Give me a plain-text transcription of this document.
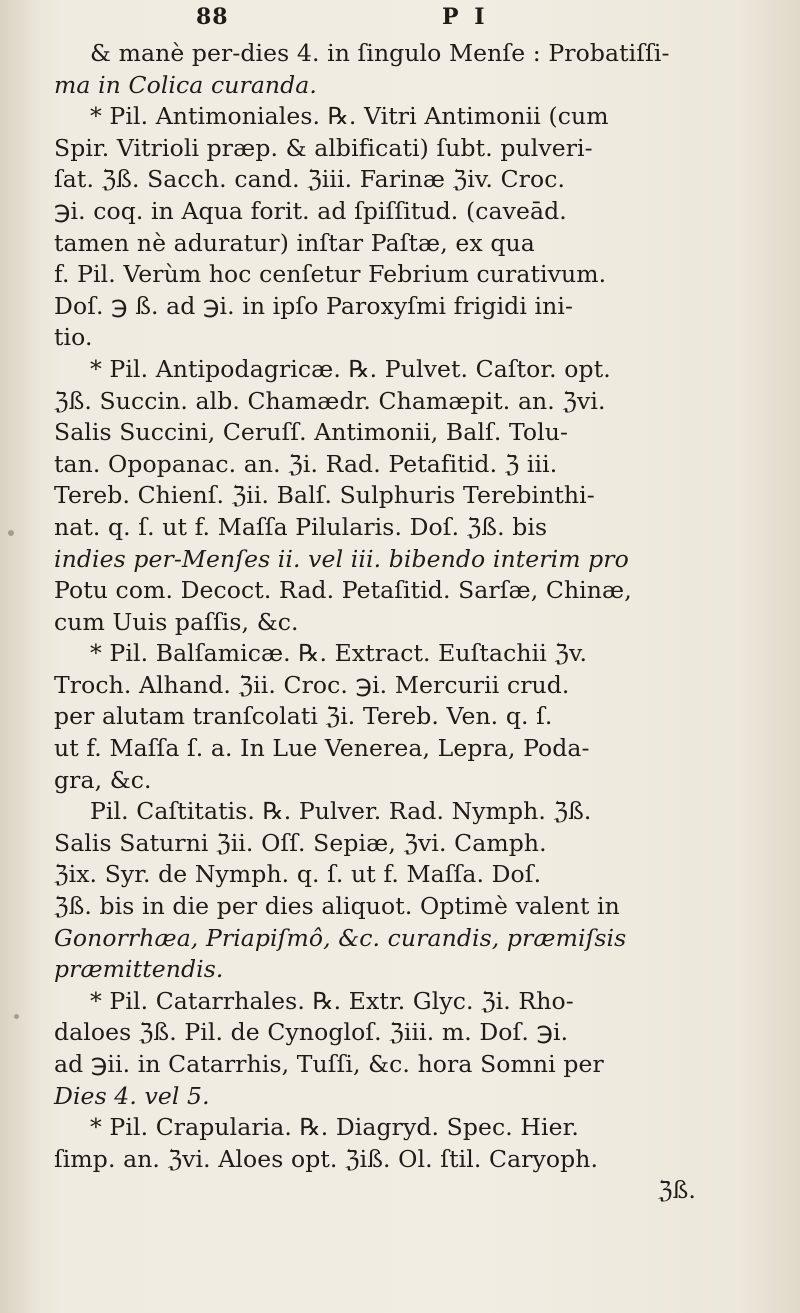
88	P I
& manè per-dies 4. in ſingulo Menſe : Probatiſſi-
ma in Colica curanda.
* Pil. Antimoniales. ℞. Vitri Antimonii (cum
Spir. Vitrioli præp. & albificati) ſubt. pulveri-
ſat. ℨß. Sacch. cand. ℨiii. Farinæ ℨiv. Croc.
℈i. coq. in Aqua forit. ad ſpiſſitud. (caveād.
tamen nè aduratur) inſtar Paſtæ, ex qua
f. Pil. Verùm hoc cenſetur Febrium curativum.
Doſ. ℈ ß. ad ℈i. in ipſo Paroxyſmi frigidi ini-
tio.
* Pil. Antipodagricæ. ℞. Pulvet. Caſtor. opt.
ℨß. Succin. alb. Chamædr. Chamæpit. an. ℨvi.
Salis Succini, Ceruſſ. Antimonii, Balſ. Tolu-
tan. Opopanac. an. ℨi. Rad. Petafitid. ℨ iii.
Tereb. Chienſ. ℨii. Balſ. Sulphuris Terebinthi-
nat. q. ſ. ut f. Maſſa Pilularis. Doſ. ℨß. bis
indies per-Menſes ii. vel iii. bibendo interim pro
Potu com. Decoct. Rad. Petaſitid. Sarſæ, Chinæ,
cum Uuis paſſis, &c.
* Pil. Balſamicæ. ℞. Extract. Euſtachii ℨv.
Troch. Alhand. ℨii. Croc. ℈i. Mercurii crud.
per alutam tranſcolati ℨi. Tereb. Ven. q. ſ.
ut f. Maſſa ſ. a. In Lue Venerea, Lepra, Poda-
gra, &c.
Pil. Caſtitatis. ℞. Pulver. Rad. Nymph. ℨß.
Salis Saturni ℨii. Oſſ. Sepiæ, ℨvi. Camph.
ℨix. Syr. de Nymph. q. ſ. ut f. Maſſa. Doſ.
ℨß. bis in die per dies aliquot. Optimè valent in
Gonorrhæa, Priapiſmô, &c. curandis, præmiſsis
præmittendis.
* Pil. Catarrhales. ℞. Extr. Glyc. ℨi. Rho-
daloes ℨß. Pil. de Cynogloſ. ℨiii. m. Doſ. ℈i.
ad ℈ii. in Catarrhis, Tuſſi, &c. hora Somni per
Dies 4. vel 5.
* Pil. Crapularia. ℞. Diagryd. Spec. Hier.
ſimp. an. ℨvi. Aloes opt. ℨiß. Ol. ſtil. Caryoph.
ℨß.
